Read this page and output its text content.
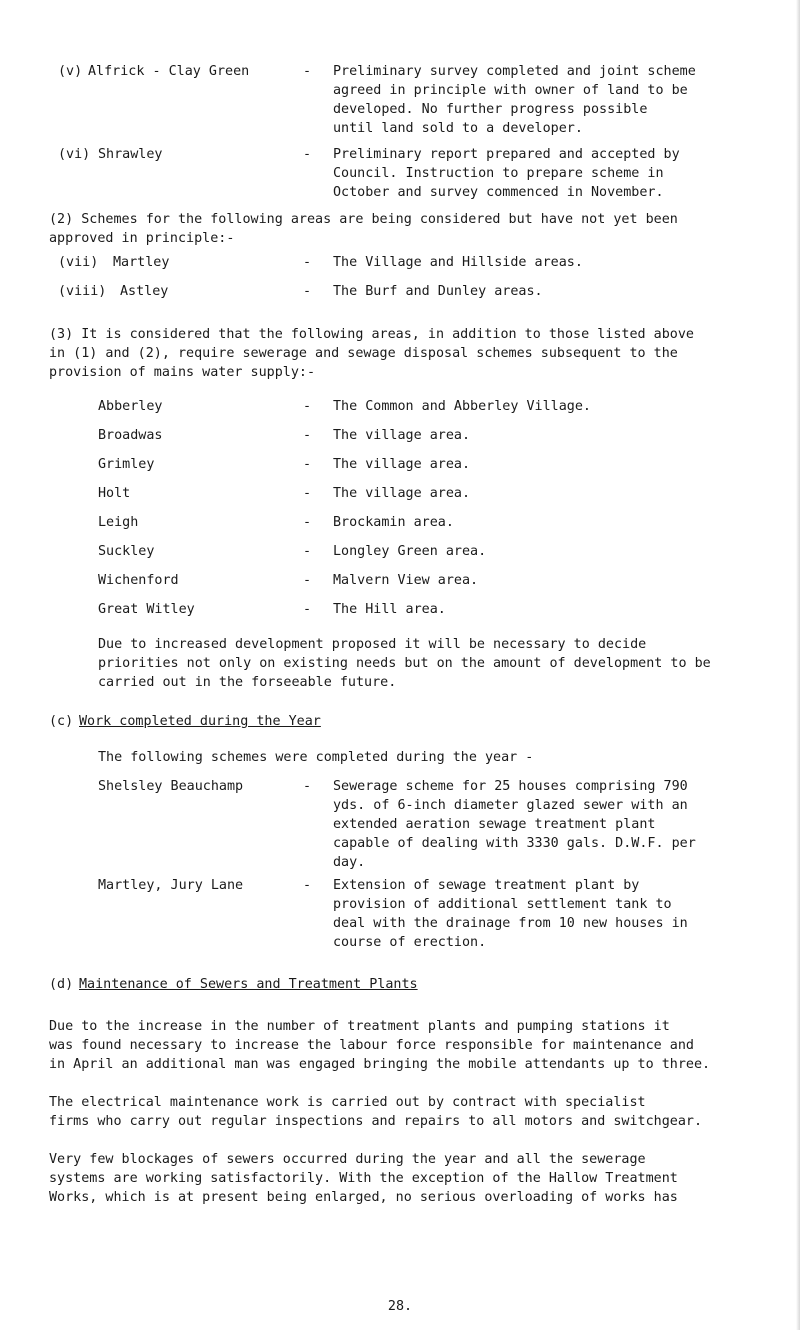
(v) Alfrick - Clay Green	-	Preliminary survey completed and joint scheme
agreed in principle with owner of land to be
developed. No further progress possible
until land sold to a developer.
(vi) Shrawley	-	Preliminary report prepared and accepted by
Council. Instruction to prepare scheme in
October and survey commenced in November.
(2) Schemes for the following areas are being considered but have not yet been
approved in principle:-
(vii)	Martley	-	The Village and Hillside areas.
(viii)	Astley	-	The Burf and Dunley areas.
(3) It is considered that the following areas, in addition to those listed above
in (1) and (2), require sewerage and sewage disposal schemes subsequent to the
provision of mains water supply:-
Abberley	-	The Common and Abberley Village.
Broadwas	-	The village area.
Grimley	-	The village area.
Holt	-	The village area.
Leigh	-	Brockamin area.
Suckley	-	Longley Green area.
Wichenford	-	Malvern View area.
Great Witley	-	The Hill area.
Due to increased development proposed it will be necessary to decide
priorities not only on existing needs but on the amount of development to be
carried out in the forseeable future.
(c) Work completed during the Year
The following schemes were completed during the year -
Shelsley Beauchamp	-	Sewerage scheme for 25 houses comprising 790
yds. of 6-inch diameter glazed sewer with an
extended aeration sewage treatment plant
capable of dealing with 3330 gals. D.W.F. per
day.
Martley, Jury Lane	-	Extension of sewage treatment plant by
provision of additional settlement tank to
deal with the drainage from 10 new houses in
course of erection.
(d) Maintenance of Sewers and Treatment Plants
Due to the increase in the number of treatment plants and pumping stations it
was found necessary to increase the labour force responsible for maintenance and
in April an additional man was engaged bringing the mobile attendants up to three.
The electrical maintenance work is carried out by contract with specialist
firms who carry out regular inspections and repairs to all motors and switchgear.
Very few blockages of sewers occurred during the year and all the sewerage
systems are working satisfactorily. With the exception of the Hallow Treatment
Works, which is at present being enlarged, no serious overloading of works has
28.
